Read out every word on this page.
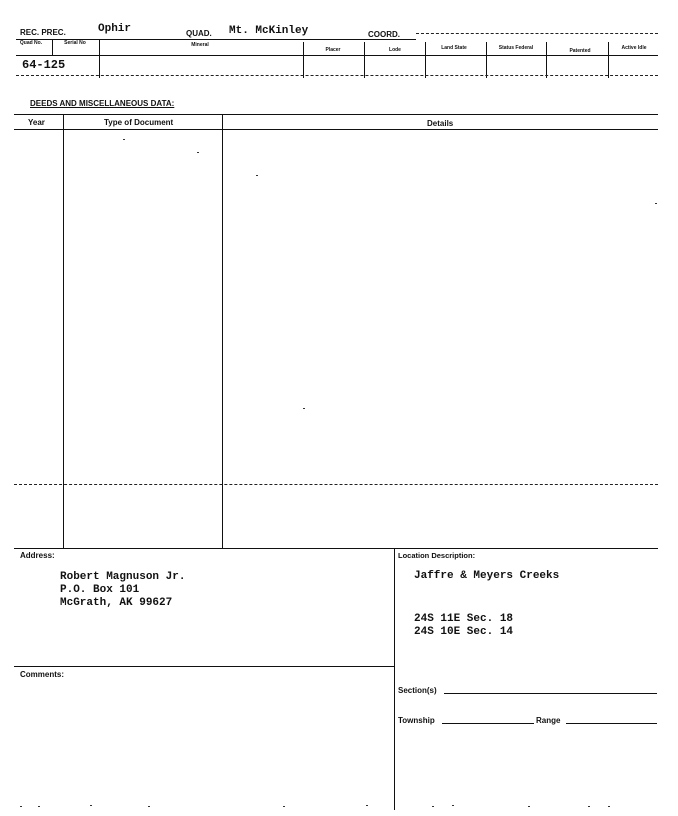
REC. PREC.	Ophir	QUAD. Mt. McKinley	COORD.
Quad No.	Serial No	Mineral
Placer	Lode	Land State	Status Federal	Patented	Active Idle
64-125
DEEDS AND MISCELLANEOUS DATA:
Year	Type of Document	Details
Address:
Robert Magnuson Jr.
P.O. Box 101
McGrath, AK 99627
Location Description:
Jaffre & Meyers Creeks
24S 11E Sec. 18
24S 10E Sec. 14
Comments:
Section(s)
Township	Range
